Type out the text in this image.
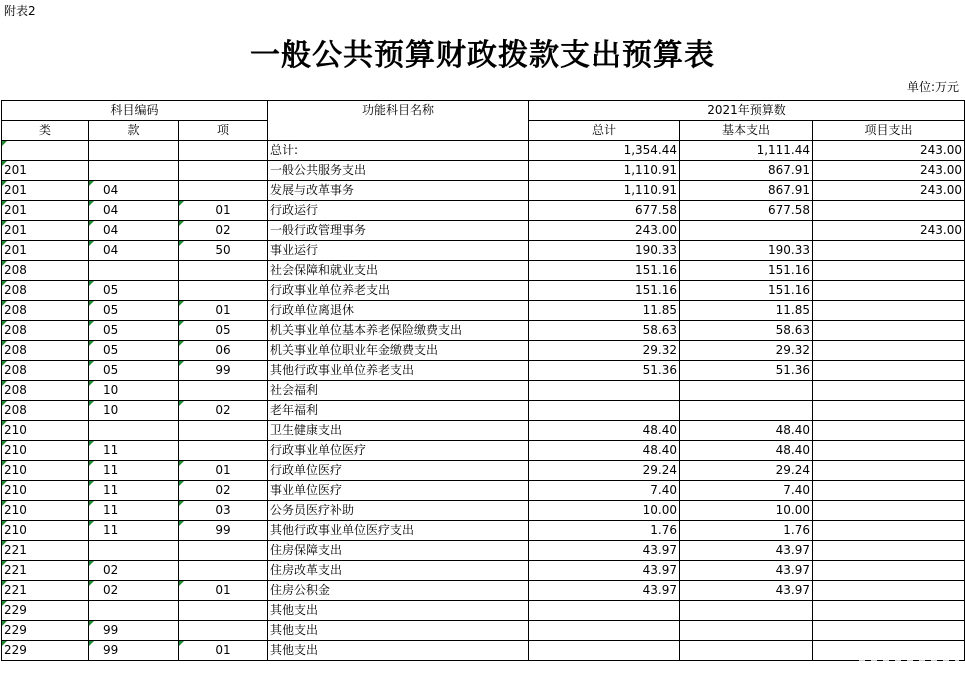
附表2
一般公共预算财政拨款支出预算表
单位:万元
科目编码			功能科目名称	2021年预算数		
类	款	项		总计	基本支出	项目支出
			总计:	1,354.44	1,111.44	243.00
201			一般公共服务支出	1,110.91	867.91	243.00
201	04		发展与改革事务	1,110.91	867.91	243.00
201	04	01	行政运行	677.58	677.58	
201	04	02	一般行政管理事务	243.00		243.00
201	04	50	事业运行	190.33	190.33	
208			社会保障和就业支出	151.16	151.16	
208	05		行政事业单位养老支出	151.16	151.16	
208	05	01	行政单位离退休	11.85	11.85	
208	05	05	机关事业单位基本养老保险缴费支出	58.63	58.63	
208	05	06	机关事业单位职业年金缴费支出	29.32	29.32	
208	05	99	其他行政事业单位养老支出	51.36	51.36	
208	10		社会福利			
208	10	02	老年福利			
210			卫生健康支出	48.40	48.40	
210	11		行政事业单位医疗	48.40	48.40	
210	11	01	行政单位医疗	29.24	29.24	
210	11	02	事业单位医疗	7.40	7.40	
210	11	03	公务员医疗补助	10.00	10.00	
210	11	99	其他行政事业单位医疗支出	1.76	1.76	
221			住房保障支出	43.97	43.97	
221	02		住房改革支出	43.97	43.97	
221	02	01	住房公积金	43.97	43.97	
229			其他支出			
229	99		其他支出			
229	99	01	其他支出			
